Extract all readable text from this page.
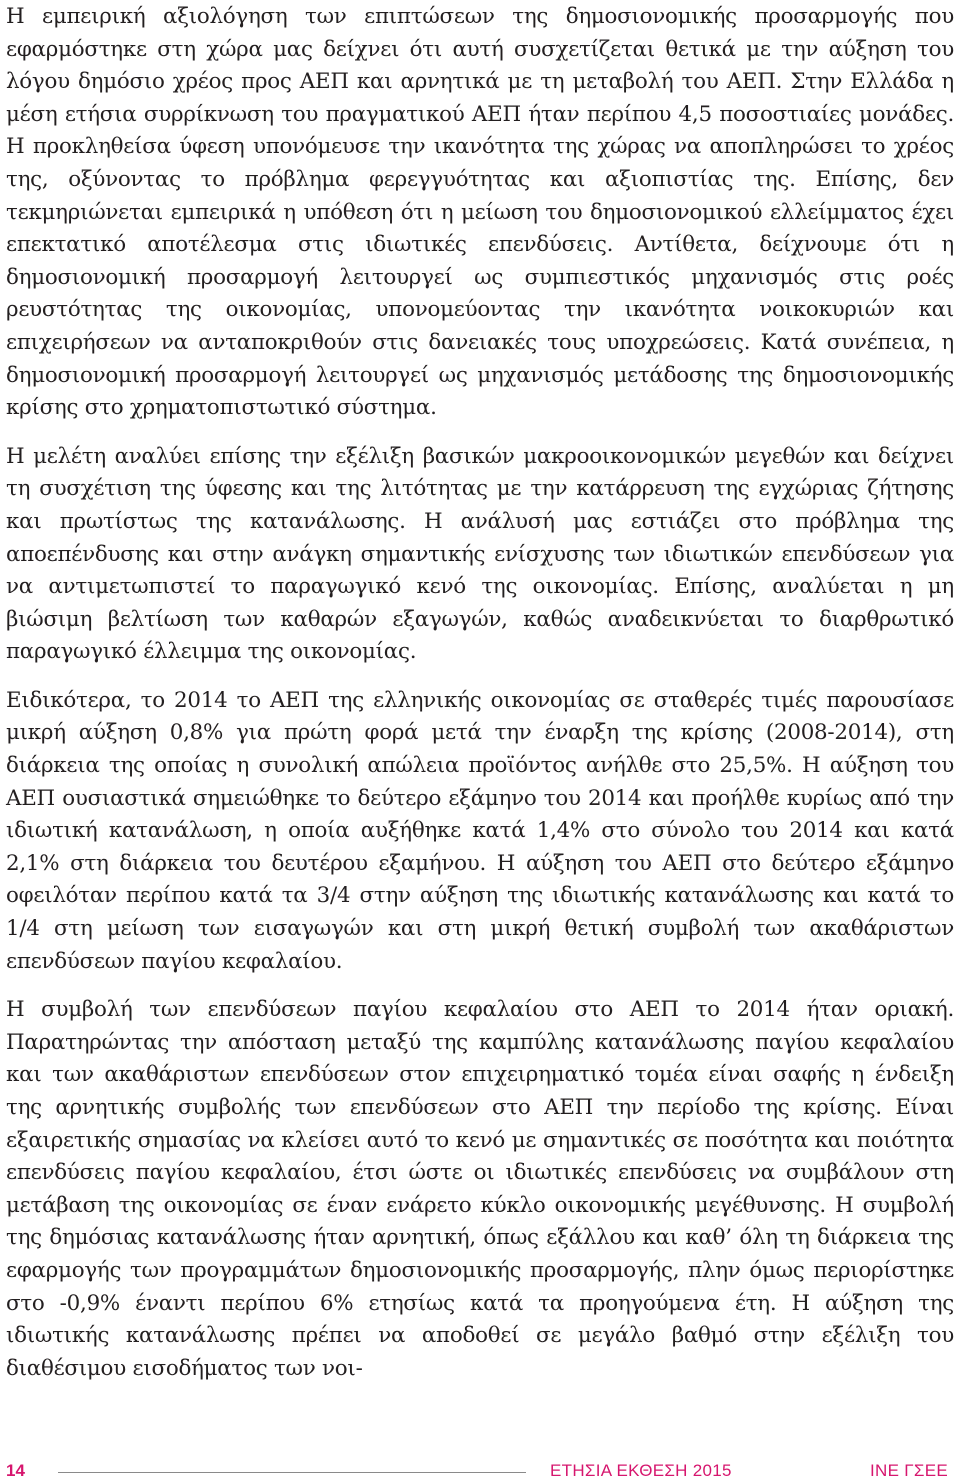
Η εμπειρική αξιολόγηση των επιπτώσεων της δημοσιονομικής προσαρμογής που εφαρμόστηκε στη χώρα μας δείχνει ότι αυτή συσχετίζεται θετικά με την αύξηση του λόγου δημόσιο χρέος προς ΑΕΠ και αρνητικά με τη μεταβολή του ΑΕΠ. Στην Ελλάδα η μέση ετήσια συρρίκνωση του πραγματικού ΑΕΠ ήταν περίπου 4,5 ποσοστιαίες μονάδες. Η προκληθείσα ύφεση υπονόμευσε την ικανότητα της χώρας να αποπληρώσει το χρέος της, οξύνοντας το πρόβλημα φερεγγυότητας και αξιοπιστίας της. Επίσης, δεν τεκμηριώνεται εμπειρικά η υπόθεση ότι η μείωση του δημοσιονομικού ελλείμματος έχει επεκτατικό αποτέλεσμα στις ιδιωτικές επενδύσεις. Αντίθετα, δείχνουμε ότι η δημοσιονομική προσαρμογή λειτουργεί ως συμπιεστικός μηχανισμός στις ροές ρευστότητας της οικονομίας, υπονομεύοντας την ικανότητα νοικοκυριών και επιχειρήσεων να ανταποκριθούν στις δανειακές τους υποχρεώσεις. Κατά συνέπεια, η δημοσιονομική προσαρμογή λειτουργεί ως μηχανισμός μετάδοσης της δημοσιονομικής κρίσης στο χρηματοπιστωτικό σύστημα.

Η μελέτη αναλύει επίσης την εξέλιξη βασικών μακροοικονομικών μεγεθών και δείχνει τη συσχέτιση της ύφεσης και της λιτότητας με την κατάρρευση της εγχώριας ζήτησης και πρωτίστως της κατανάλωσης. Η ανάλυσή μας εστιάζει στο πρόβλημα της αποεπένδυσης και στην ανάγκη σημαντικής ενίσχυσης των ιδιωτικών επενδύσεων για να αντιμετωπιστεί το παραγωγικό κενό της οικονομίας. Επίσης, αναλύεται η μη βιώσιμη βελτίωση των καθαρών εξαγωγών, καθώς αναδεικνύεται το διαρθρωτικό παραγωγικό έλλειμμα της οικονομίας.

Ειδικότερα, το 2014 το ΑΕΠ της ελληνικής οικονομίας σε σταθερές τιμές παρουσίασε μικρή αύξηση 0,8% για πρώτη φορά μετά την έναρξη της κρίσης (2008-2014), στη διάρκεια της οποίας η συνολική απώλεια προϊόντος ανήλθε στο 25,5%. Η αύξηση του ΑΕΠ ουσιαστικά σημειώθηκε το δεύτερο εξάμηνο του 2014 και προήλθε κυρίως από την ιδιωτική κατανάλωση, η οποία αυξήθηκε κατά 1,4% στο σύνολο του 2014 και κατά 2,1% στη διάρκεια του δευτέρου εξαμήνου. Η αύξηση του ΑΕΠ στο δεύτερο εξάμηνο οφειλόταν περίπου κατά τα 3/4 στην αύξηση της ιδιωτικής κατανάλωσης και κατά το 1/4 στη μείωση των εισαγωγών και στη μικρή θετική συμβολή των ακαθάριστων επενδύσεων παγίου κεφαλαίου.

Η συμβολή των επενδύσεων παγίου κεφαλαίου στο ΑΕΠ το 2014 ήταν οριακή. Παρατηρώντας την απόσταση μεταξύ της καμπύλης κατανάλωσης παγίου κεφαλαίου και των ακαθάριστων επενδύσεων στον επιχειρηματικό τομέα είναι σαφής η ένδειξη της αρνητικής συμβολής των επενδύσεων στο ΑΕΠ την περίοδο της κρίσης. Είναι εξαιρετικής σημασίας να κλείσει αυτό το κενό με σημαντικές σε ποσότητα και ποιότητα επενδύσεις παγίου κεφαλαίου, έτσι ώστε οι ιδιωτικές επενδύσεις να συμβάλουν στη μετάβαση της οικονομίας σε έναν ενάρετο κύκλο οικονομικής μεγέθυνσης. Η συμβολή της δημόσιας κατανάλωσης ήταν αρνητική, όπως εξάλλου και καθ’ όλη τη διάρκεια της εφαρμογής των προγραμμάτων δημοσιονομικής προσαρμογής, πλην όμως περιορίστηκε στο -0,9% έναντι περίπου 6% ετησίως κατά τα προηγούμενα έτη. Η αύξηση της ιδιωτικής κατανάλωσης πρέπει να αποδοθεί σε μεγάλο βαθμό στην εξέλιξη του διαθέσιμου εισοδήματος των νοι-

14	ΕΤΗΣΙΑ ΕΚΘΕΣΗ 2015	ΙΝΕ ΓΣΕΕ
